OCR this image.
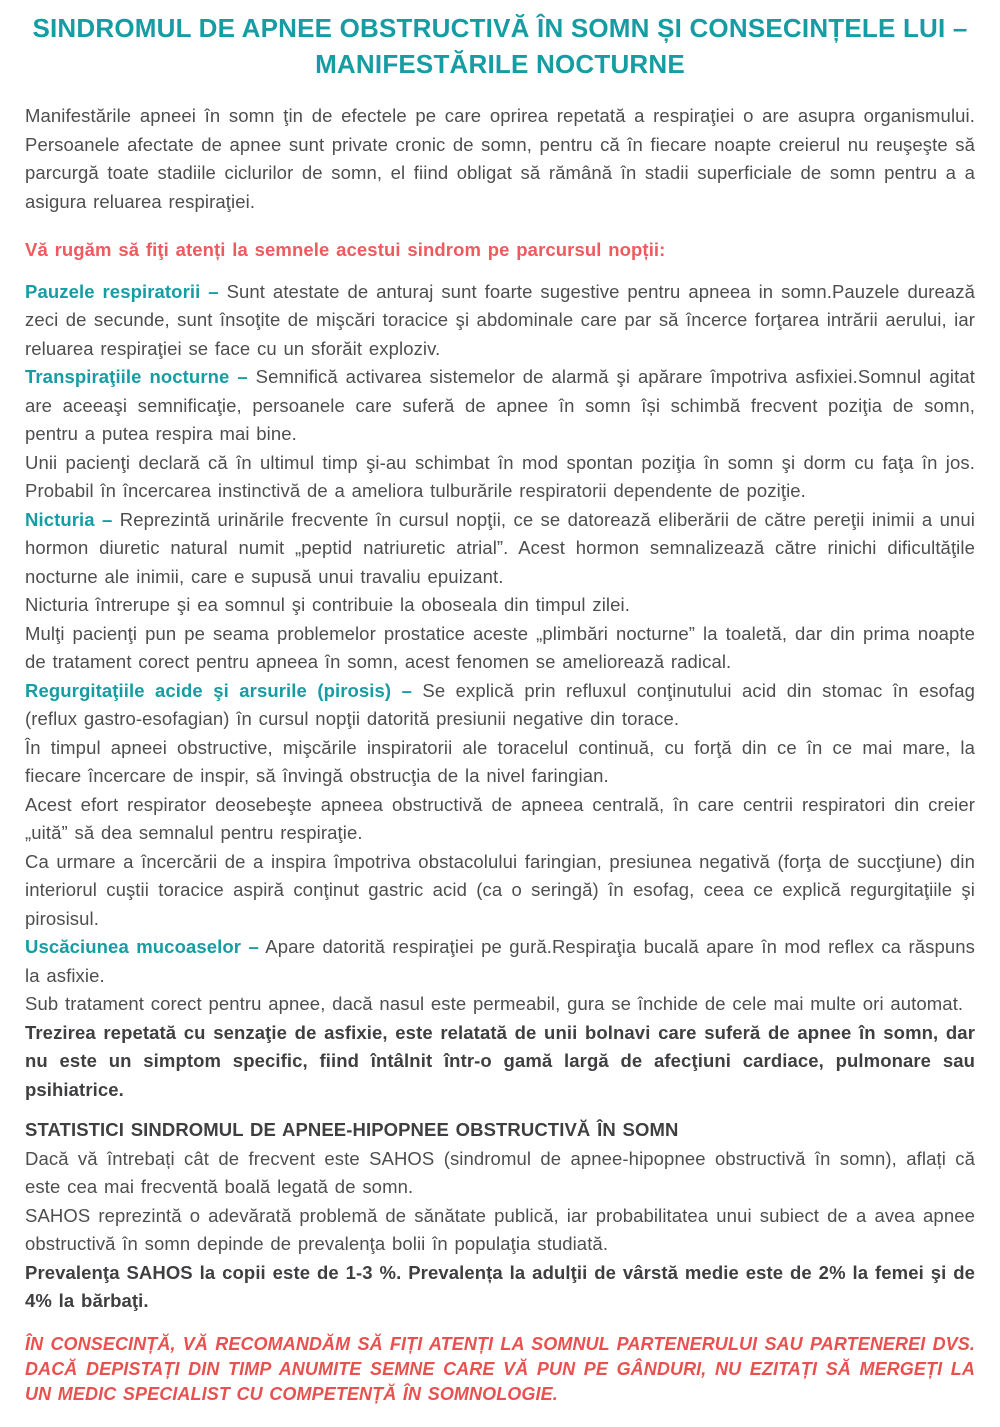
SINDROMUL DE APNEE OBSTRUCTIVĂ ÎN SOMN ȘI CONSECINȚELE LUI –
MANIFESTĂRILE NOCTURNE

Manifestările apneei în somn ţin de efectele pe care oprirea repetată a respiraţiei o are asupra organismului. Persoanele afectate de apnee sunt private cronic de somn, pentru că în fiecare noapte creierul nu reuşeşte să parcurgă toate stadiile ciclurilor de somn, el fiind obligat să rămână în stadii superficiale de somn pentru a a asigura reluarea respiraţiei.

Vă rugăm să fiţi atenți la semnele acestui sindrom pe parcursul nopții:

Pauzele respiratorii – Sunt atestate de anturaj sunt foarte sugestive pentru apneea in somn.Pauzele durează zeci de secunde, sunt însoţite de mişcări toracice şi abdominale care par să încerce forţarea intrării aerului, iar reluarea respiraţiei se face cu un sforăit exploziv.

Transpiraţiile nocturne – Semnifică activarea sistemelor de alarmă şi apărare împotriva asfixiei.Somnul agitat are aceeaşi semnificaţie, persoanele care suferă de apnee în somn își schimbă frecvent poziţia de somn, pentru a putea respira mai bine.

Unii pacienţi declară că în ultimul timp şi-au schimbat în mod spontan poziţia în somn şi dorm cu faţa în jos. Probabil în încercarea instinctivă de a ameliora tulburările respiratorii dependente de poziţie.

Nicturia – Reprezintă urinările frecvente în cursul nopţii, ce se datorează eliberării de către pereţii inimii a unui hormon diuretic natural numit „peptid natriuretic atrial”. Acest hormon semnalizează către rinichi dificultăţile nocturne ale inimii, care e supusă unui travaliu epuizant.

Nicturia întrerupe şi ea somnul şi contribuie la oboseala din timpul zilei.

Mulţi pacienţi pun pe seama problemelor prostatice aceste „plimbări nocturne” la toaletă, dar din prima noapte de tratament corect pentru apneea în somn, acest fenomen se ameliorează radical.

Regurgitaţiile acide şi arsurile (pirosis) – Se explică prin refluxul conţinutului acid din stomac în esofag (reflux gastro-esofagian) în cursul nopţii datorită presiunii negative din torace.

În timpul apneei obstructive, mişcările inspiratorii ale toracelul continuă, cu forţă din ce în ce mai mare, la fiecare încercare de inspir, să învingă obstrucţia de la nivel faringian.

Acest efort respirator deosebeşte apneea obstructivă de apneea centrală, în care centrii respiratori din creier „uită” să dea semnalul pentru respiraţie.

Ca urmare a încercării de a inspira împotriva obstacolului faringian, presiunea negativă (forţa de succţiune) din interiorul cuştii toracice aspiră conţinut gastric acid (ca o seringă) în esofag, ceea ce explică regurgitaţiile şi pirosisul.

Uscăciunea mucoaselor – Apare datorită respiraţiei pe gură.Respiraţia bucală apare în mod reflex ca răspuns la asfixie.

Sub tratament corect pentru apnee, dacă nasul este permeabil, gura se închide de cele mai multe ori automat.

Trezirea repetată cu senzaţie de asfixie, este relatată de unii bolnavi care suferă de apnee în somn, dar nu este un simptom specific, fiind întâlnit într-o gamă largă de afecţiuni cardiace, pulmonare sau psihiatrice.

STATISTICI SINDROMUL DE APNEE-HIPOPNEE OBSTRUCTIVĂ ÎN SOMN

Dacă vă întrebați cât de frecvent este SAHOS (sindromul de apnee-hipopnee obstructivă în somn), aflați că este cea mai frecventă boală legată de somn.

SAHOS reprezintă o adevărată problemă de sănătate publică, iar probabilitatea unui subiect de a avea apnee obstructivă în somn depinde de prevalenţa bolii în populaţia studiată.

Prevalenţa SAHOS la copii este de 1-3 %. Prevalența la adulţii de vârstă medie este de 2% la femei şi de 4% la bărbaţi.

ÎN CONSECINȚĂ, VĂ RECOMANDĂM SĂ FIȚI ATENȚI LA SOMNUL PARTENERULUI SAU PARTENEREI DVS. DACĂ DEPISTAȚI DIN TIMP ANUMITE SEMNE CARE VĂ PUN PE GÂNDURI, NU EZITAȚI SĂ MERGEȚI LA UN MEDIC SPECIALIST CU COMPETENȚĂ ÎN SOMNOLOGIE.
